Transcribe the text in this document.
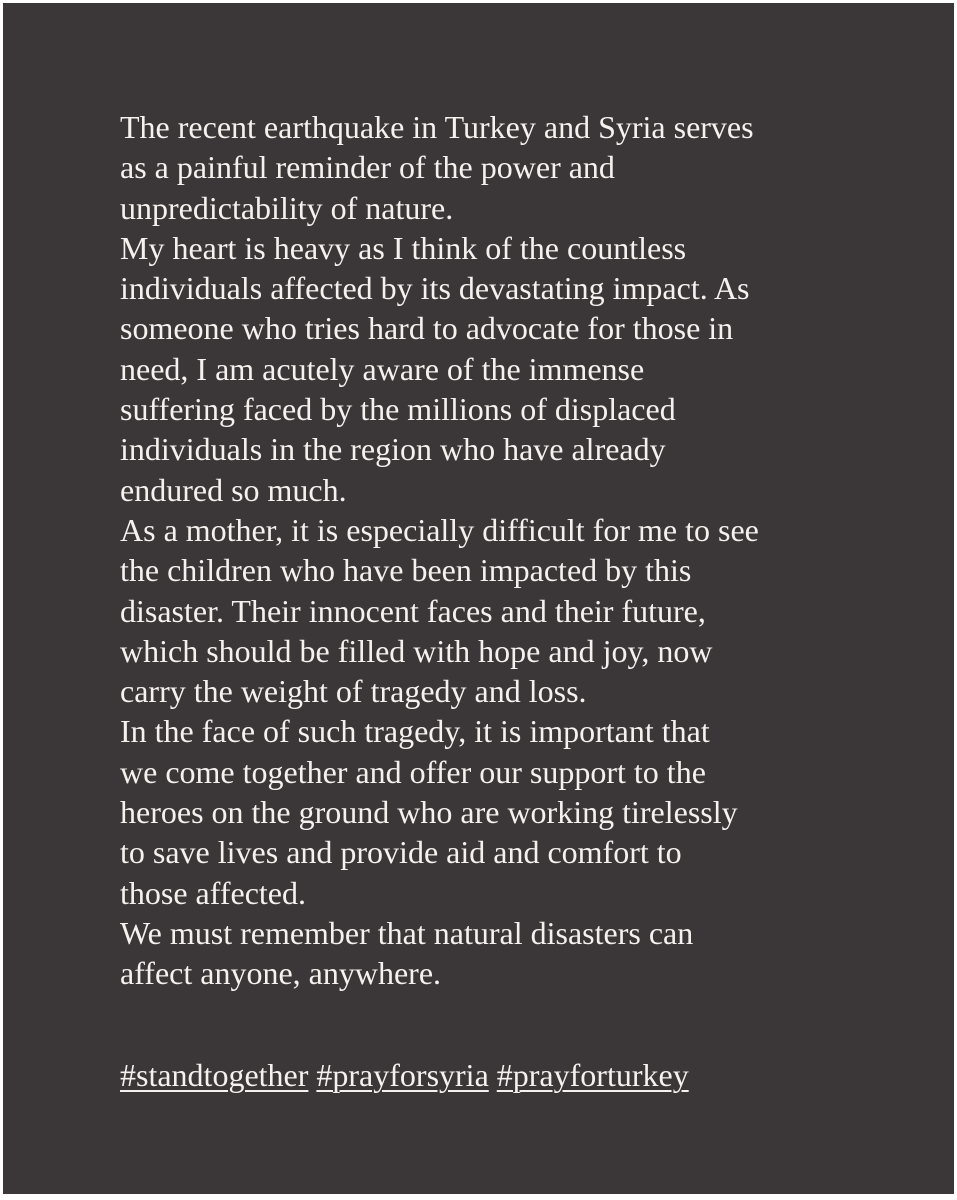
The recent earthquake in Turkey and Syria serves
as a painful reminder of the power and
unpredictability of nature.
My heart is heavy as I think of the countless
individuals affected by its devastating impact. As
someone who tries hard to advocate for those in
need, I am acutely aware of the immense
suffering faced by the millions of displaced
individuals in the region who have already
endured so much.
As a mother, it is especially difficult for me to see
the children who have been impacted by this
disaster. Their innocent faces and their future,
which should be filled with hope and joy, now
carry the weight of tragedy and loss.
In the face of such tragedy, it is important that
we come together and offer our support to the
heroes on the ground who are working tirelessly
to save lives and provide aid and comfort to
those affected.
We must remember that natural disasters can
affect anyone, anywhere.
#standtogether #prayforsyria #prayforturkey
